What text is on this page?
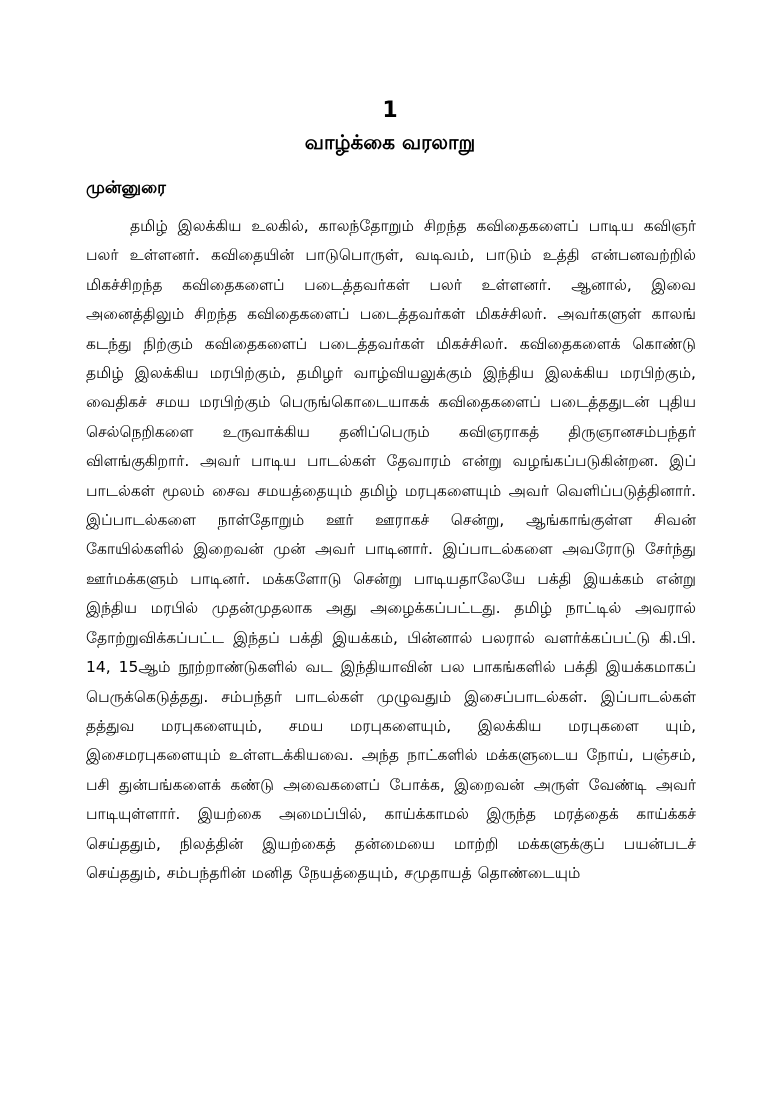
1
வாழ்க்கை வரலாறு
முன்னுரை

தமிழ் இலக்கிய உலகில், காலந்தோறும் சிறந்த கவிதைகளைப் பாடிய கவிஞர் பலர் உள்ளனர். கவிதையின் பாடுபொருள், வடிவம், பாடும் உத்தி என்பனவற்றில் மிகச்சிறந்த கவிதைகளைப் படைத்தவர்கள் பலர் உள்ளனர். ஆனால், இவை அனைத்திலும் சிறந்த கவிதைகளைப் படைத்தவர்கள் மிகச்சிலர். அவர்களுள் காலங் கடந்து நிற்கும் கவிதைகளைப் படைத்தவர்கள் மிகச்சிலர். கவிதைகளைக் கொண்டு தமிழ் இலக்கிய மரபிற்கும், தமிழர் வாழ்வியலுக்கும் இந்திய இலக்கிய மரபிற்கும், வைதிகச் சமய மரபிற்கும் பெருங்கொடையாகக் கவிதைகளைப் படைத்ததுடன் புதிய செல்நெறிகளை உருவாக்கிய தனிப்பெரும் கவிஞராகத் திருஞானசம்பந்தர் விளங்குகிறார். அவர் பாடிய பாடல்கள் தேவாரம் என்று வழங்கப்படுகின்றன. இப் பாடல்கள் மூலம் சைவ சமயத்தையும் தமிழ் மரபுகளையும் அவர் வெளிப்படுத்தினார். இப்பாடல்களை நாள்தோறும் ஊர் ஊராகச் சென்று, ஆங்காங்குள்ள சிவன் கோயில்களில் இறைவன் முன் அவர் பாடினார். இப்பாடல்களை அவரோடு சேர்ந்து ஊர்மக்களும் பாடினர். மக்களோடு சென்று பாடியதாலேயே பக்தி இயக்கம் என்று இந்திய மரபில் முதன்முதலாக அது அழைக்கப்பட்டது. தமிழ் நாட்டில் அவரால் தோற்றுவிக்கப்பட்ட இந்தப் பக்தி இயக்கம், பின்னால் பலரால் வளர்க்கப்பட்டு கி.பி. 14, 15ஆம் நூற்றாண்டுகளில் வட இந்தியாவின் பல பாகங்களில் பக்தி இயக்கமாகப் பெருக்கெடுத்தது. சம்பந்தர் பாடல்கள் முழுவதும் இசைப்பாடல்கள். இப்பாடல்கள் தத்துவ மரபுகளையும், சமய மரபுகளையும், இலக்கிய மரபுகளை யும், இசைமரபுகளையும் உள்ளடக்கியவை. அந்த நாட்களில் மக்களுடைய நோய், பஞ்சம், பசி துன்பங்களைக் கண்டு அவைகளைப் போக்க, இறைவன் அருள் வேண்டி அவர் பாடியுள்ளார். இயற்கை அமைப்பில், காய்க்காமல் இருந்த மரத்தைக் காய்க்கச் செய்ததும், நிலத்தின் இயற்கைத் தன்மையை மாற்றி மக்களுக்குப் பயன்படச் செய்ததும், சம்பந்தரின் மனித நேயத்தையும், சமுதாயத் தொண்டையும்
